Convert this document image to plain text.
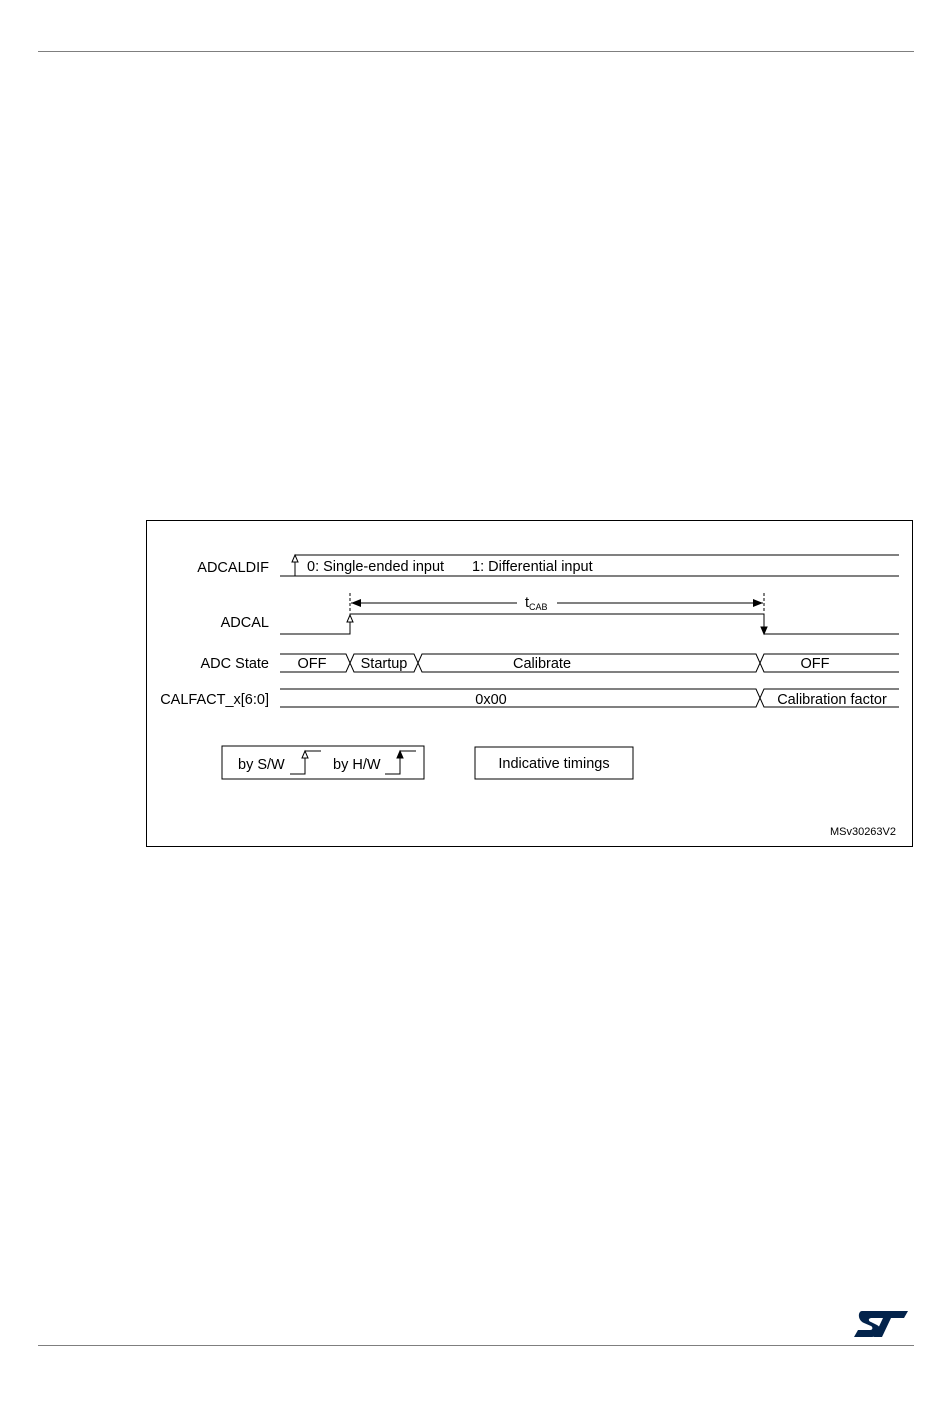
ADCALDIF
ADCAL
ADC State
CALFACT_x[6:0]
0: Single-ended input 1: Differential input
$t_{CAB}$
OFF Startup	Calibrate	OFF
0x00	Calibration factor
by S/W	by H/W	Indicative timings
MSv30263V2
